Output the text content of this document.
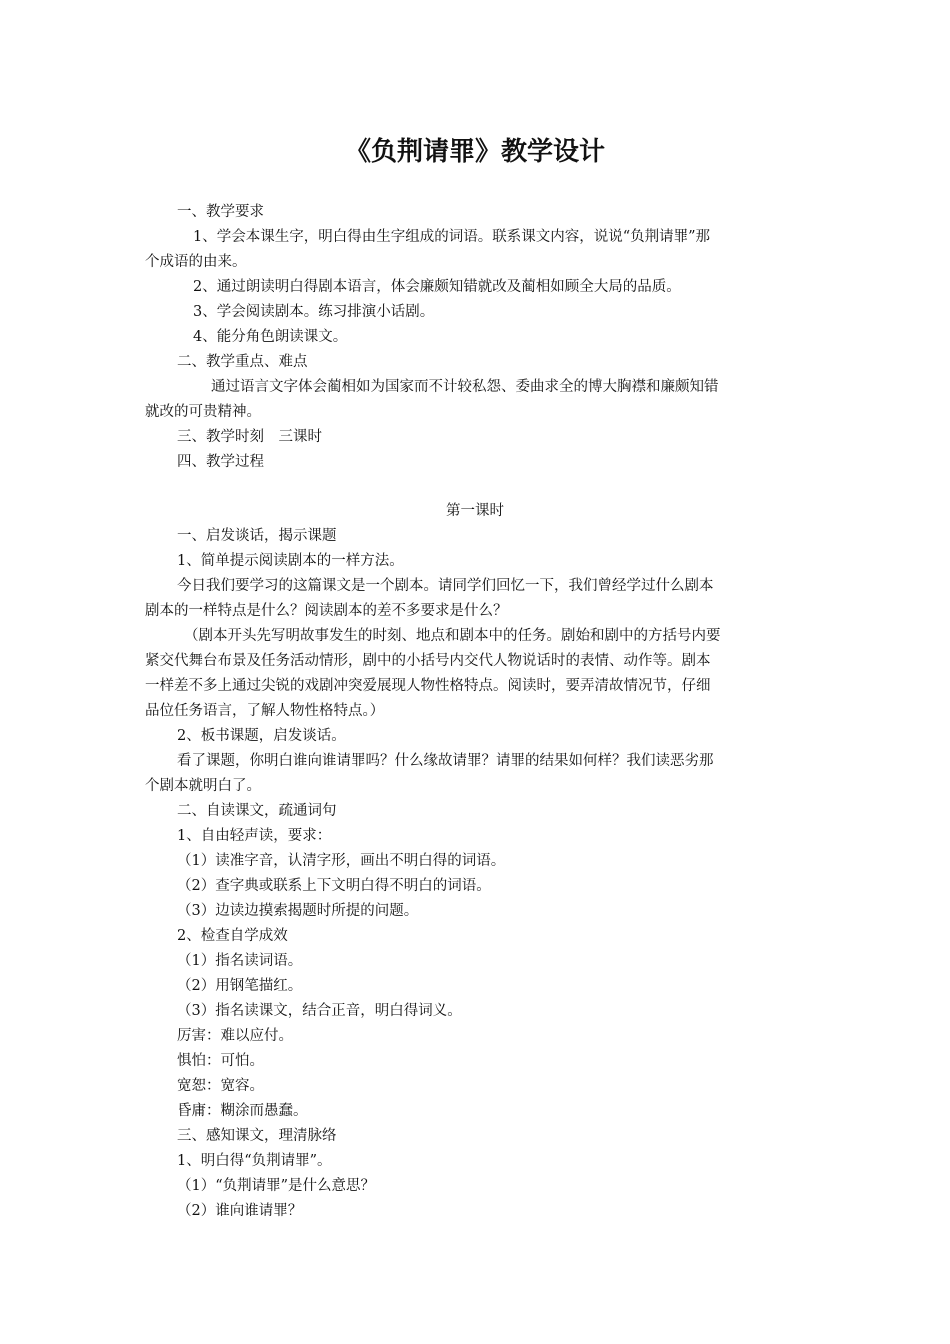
《负荆请罪》教学设计
一、教学要求
1、学会本课生字，明白得由生字组成的词语。联系课文内容，说说“负荆请罪”那
个成语的由来。
2、通过朗读明白得剧本语言，体会廉颇知错就改及蔺相如顾全大局的品质。
3、学会阅读剧本。练习排演小话剧。
4、能分角色朗读课文。
二、教学重点、难点
通过语言文字体会蔺相如为国家而不计较私怨、委曲求全的博大胸襟和廉颇知错
就改的可贵精神。
三、教学时刻　三课时
四、教学过程
第一课时
一、启发谈话，揭示课题
1、简单提示阅读剧本的一样方法。
今日我们要学习的这篇课文是一个剧本。请同学们回忆一下，我们曾经学过什么剧本
剧本的一样特点是什么？阅读剧本的差不多要求是什么？
（剧本开头先写明故事发生的时刻、地点和剧本中的任务。剧始和剧中的方括号内要
紧交代舞台布景及任务活动情形，剧中的小括号内交代人物说话时的表情、动作等。剧本
一样差不多上通过尖锐的戏剧冲突爱展现人物性格特点。阅读时，要弄清故情况节，仔细
品位任务语言，了解人物性格特点。）
2、板书课题，启发谈话。
看了课题，你明白谁向谁请罪吗？什么缘故请罪？请罪的结果如何样？我们读恶劣那
个剧本就明白了。
二、自读课文，疏通词句
1、自由轻声读，要求：
（1）读准字音，认清字形，画出不明白得的词语。
（2）查字典或联系上下文明白得不明白的词语。
（3）边读边摸索揭题时所提的问题。
2、检查自学成效
（1）指名读词语。
（2）用钢笔描红。
（3）指名读课文，结合正音，明白得词义。
厉害：难以应付。
惧怕：可怕。
宽恕：宽容。
昏庸：糊涂而愚蠢。
三、感知课文，理清脉络
1、明白得“负荆请罪”。
（1）“负荆请罪”是什么意思？
（2）谁向谁请罪？
